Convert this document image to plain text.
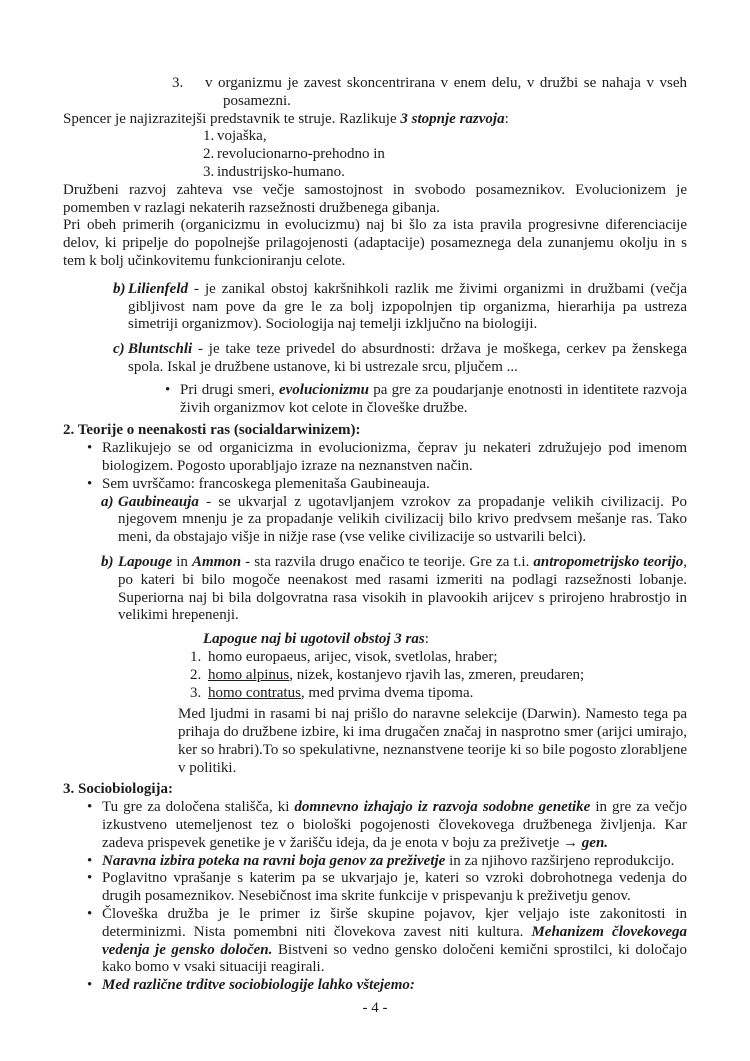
3.	v organizmu je zavest skoncentrirana v enem delu, v družbi se nahaja v vseh posamezni.
Spencer je najizrazitejši predstavnik te struje. Razlikuje 3 stopnje razvoja:
1. vojaška,
2. revolucionarno-prehodno in
3. industrijsko-humano.
Družbeni razvoj zahteva vse večje samostojnost in svobodo posameznikov. Evolucionizem je pomemben v razlagi nekaterih razsežnosti družbenega gibanja.
Pri obeh primerih (organicizmu in evolucizmu) naj bi šlo za ista pravila progresivne diferenciacije delov, ki pripelje do popolnejše prilagojenosti (adaptacije) posameznega dela zunanjemu okolju in s tem k bolj učinkovitemu funkcioniranju celote.
b) Lilienfeld - je zanikal obstoj kakršnihkoli razlik me živimi organizmi in družbami (večja gibljivost nam pove da gre le za bolj izpopolnjen tip organizma, hierarhija pa ustreza simetriji organizmov). Sociologija naj temelji izključno na biologiji.
c) Bluntschli - je take teze privedel do absurdnosti: država je moškega, cerkev pa ženskega spola. Iskal je družbene ustanove, ki bi ustrezale srcu, pljučem ...
• Pri drugi smeri, evolucionizmu pa gre za poudarjanje enotnosti in identitete razvoja živih organizmov kot celote in človeške družbe.
2. Teorije o neenakosti ras (socialdarwinizem):
• Razlikujejo se od organicizma in evolucionizma, čeprav ju nekateri združujejo pod imenom biologizem. Pogosto uporabljajo izraze na neznanstven način.
• Sem uvrščamo: francoskega plemenitaša Gaubineauja.
a) Gaubineauja - se ukvarjal z ugotavljanjem vzrokov za propadanje velikih civilizacij. Po njegovem mnenju je za propadanje velikih civilizacij bilo krivo predvsem mešanje ras. Tako meni, da obstajajo višje in nižje rase (vse velike civilizacije so ustvarili belci).
b) Lapouge in Ammon - sta razvila drugo enačico te teorije. Gre za t.i. antropometrijsko teorijo, po kateri bi bilo mogoče neenakost med rasami izmeriti na podlagi razsežnosti lobanje. Superiorna naj bi bila dolgovratna rasa visokih in plavookih arijcev s prirojeno hrabrostjo in velikimi hrepenenji.
Lapogue naj bi ugotovil obstoj 3 ras:
1. homo europaeus, arijec, visok, svetlolas, hraber;
2. homo alpinus, nizek, kostanjevo rjavih las, zmeren, preudaren;
3. homo contratus, med prvima dvema tipoma.
Med ljudmi in rasami bi naj prišlo do naravne selekcije (Darwin). Namesto tega pa prihaja do družbene izbire, ki ima drugačen značaj in nasprotno smer (arijci umirajo, ker so hrabri).To so spekulativne, neznanstvene teorije ki so bile pogosto zlorabljene v politiki.
3. Sociobiologija:
• Tu gre za določena stališča, ki domnevno izhajajo iz razvoja sodobne genetike in gre za večjo izkustveno utemeljenost tez o biološki pogojenosti človekovega družbenega življenja. Kar zadeva prispevek genetike je v žarišču ideja, da je enota v boju za preživetje → gen.
• Naravna izbira poteka na ravni boja genov za preživetje in za njihovo razširjeno reprodukcijo.
• Poglavitno vprašanje s katerim pa se ukvarjajo je, kateri so vzroki dobrohotnega vedenja do drugih posameznikov. Nesebičnost ima skrite funkcije v prispevanju k preživetju genov.
• Človeška družba je le primer iz širše skupine pojavov, kjer veljajo iste zakonitosti in determinizmi. Nista pomembni niti človekova zavest niti kultura. Mehanizem človekovega vedenja je gensko določen. Bistveni so vedno gensko določeni kemični sprostilci, ki določajo kako bomo v vsaki situaciji reagirali.
• Med različne trditve sociobiologije lahko vštejemo:
- 4 -
